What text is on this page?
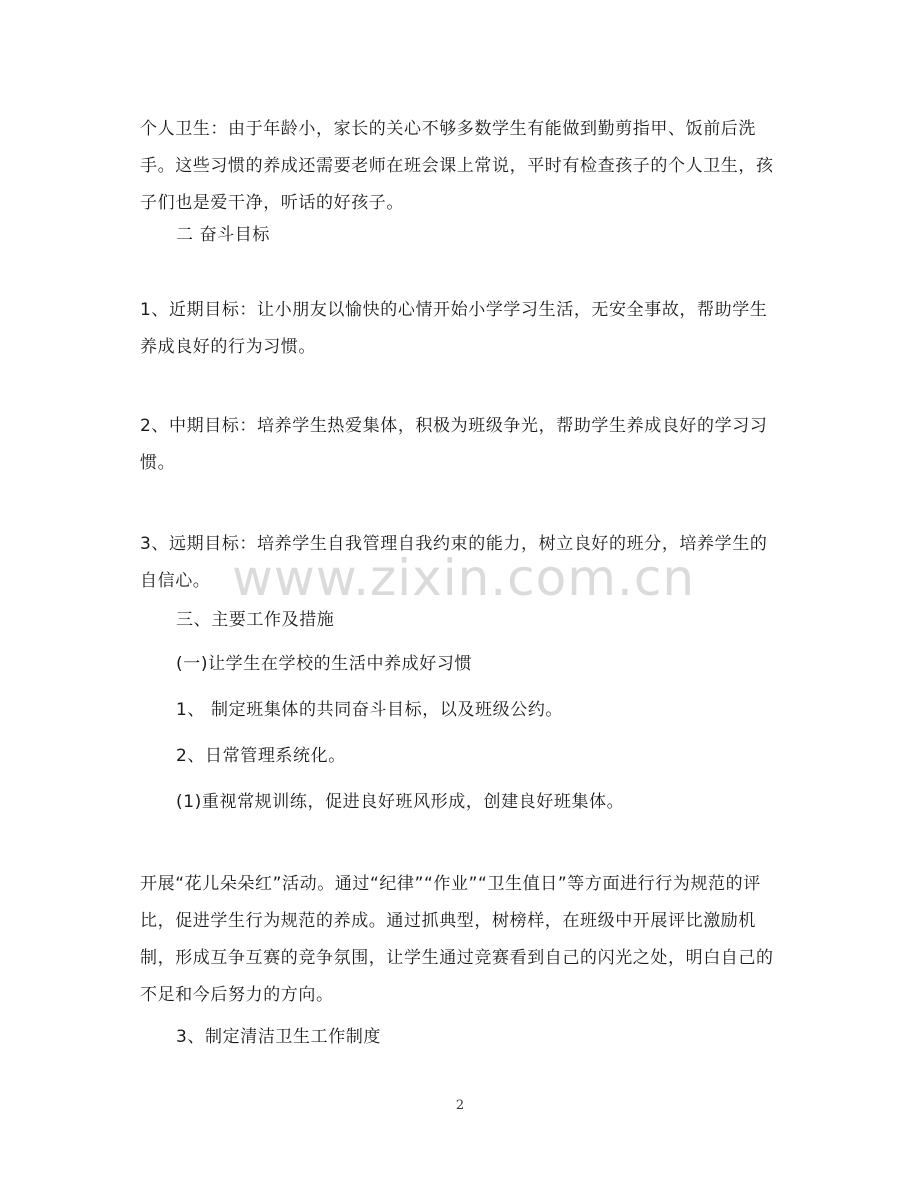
个人卫生：由于年龄小，家长的关心不够多数学生有能做到勤剪指甲、饭前后洗手。这些习惯的养成还需要老师在班会课上常说，平时有检查孩子的个人卫生，孩子们也是爱干净，听话的好孩子。

二 奋斗目标

1、近期目标：让小朋友以愉快的心情开始小学学习生活，无安全事故，帮助学生养成良好的行为习惯。

2、中期目标：培养学生热爱集体，积极为班级争光，帮助学生养成良好的学习习惯。

3、远期目标：培养学生自我管理自我约束的能力，树立良好的班分，培养学生的自信心。

三、主要工作及措施

(一)让学生在学校的生活中养成好习惯

1、 制定班集体的共同奋斗目标，以及班级公约。

2、日常管理系统化。

(1)重视常规训练，促进良好班风形成，创建良好班集体。

开展“花儿朵朵红”活动。通过“纪律”“作业”“卫生值日”等方面进行行为规范的评比，促进学生行为规范的养成。通过抓典型，树榜样，在班级中开展评比激励机制，形成互争互赛的竞争氛围，让学生通过竞赛看到自己的闪光之处，明白自己的不足和今后努力的方向。

3、制定清洁卫生工作制度

www.zixin.com.cn
2
